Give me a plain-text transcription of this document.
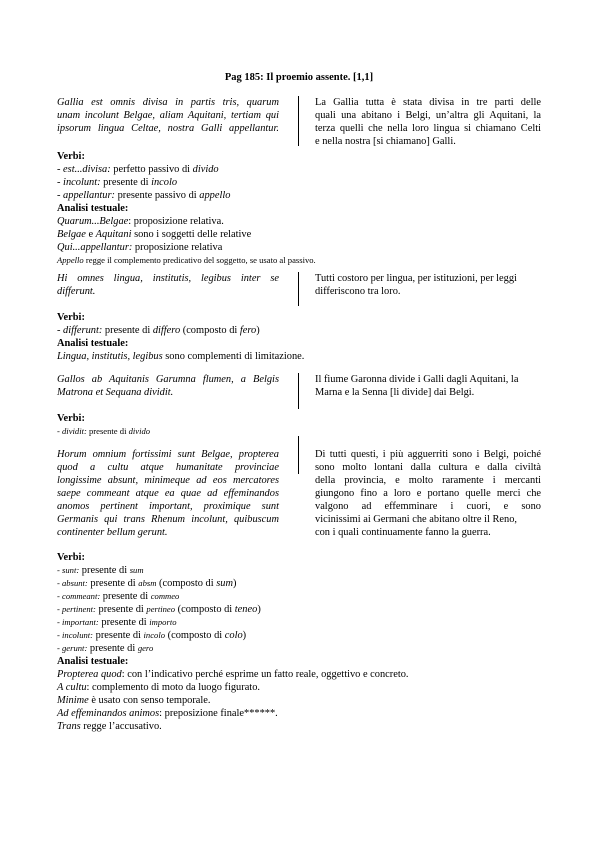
Pag 185: Il proemio assente. [1,1]
Gallia est omnis divisa in partis tris, quarum
unam incolunt Belgae, aliam Aquitani, tertiam qui
ipsorum lingua Celtae, nostra Galli appellantur.
La Gallia tutta è stata divisa in tre parti delle
quali una abitano i Belgi, un’altra gli Aquitani, la
terza quelli che nella loro lingua si chiamano Celti
e nella nostra [si chiamano] Galli.
Verbi:
- est...divisa: perfetto passivo di divido
- incolunt: presente di incolo
- appellantur: presente passivo di appello
Analisi testuale:
Quarum...Belgae: proposizione relativa.
Belgae e Aquitani sono i soggetti delle relative
Qui...appellantur: proposizione relativa
Appello regge il complemento predicativo del soggetto, se usato al passivo.
Hi omnes lingua, institutis, legibus inter se
differunt.
Tutti costoro per lingua, per istituzioni, per leggi
differiscono tra loro.
Verbi:
- differunt: presente di differo (composto di fero)
Analisi testuale:
Lingua, institutis, legibus sono complementi di limitazione.
Gallos ab Aquitanis Garumna flumen, a Belgis
Matrona et Sequana dividit.
Il fiume Garonna divide i Galli dagli Aquitani, la
Marna e la Senna [li divide] dai Belgi.
Verbi:
- dividit: presente di divido
Horum omnium fortissimi sunt Belgae, propterea
quod a cultu atque humanitate provinciae
longissime absunt, minimeque ad eos mercatores
saepe commeant atque ea quae ad effeminandos
anomos pertinent important, proximique sunt
Germanis qui trans Rhenum incolunt, quibuscum
continenter bellum gerunt.
Di tutti questi, i più agguerriti sono i Belgi, poiché
sono molto lontani dalla cultura e dalla civiltà
della provincia, e molto raramente i mercanti
giungono fino a loro e portano quelle merci che
valgono ad effemminare i cuori, e sono
vicinissimi ai Germani che abitano oltre il Reno,
con i quali continuamente fanno la guerra.
Verbi:
- sunt: presente di sum
- absunt: presente di absm (composto di sum)
- commeant: presente di commeo
- pertinent: presente di pertineo (composto di teneo)
- important: presente di importo
- incolunt: presente di incolo (composto di colo)
- gerunt: presente di gero
Analisi testuale:
Propterea quod: con l’indicativo perché esprime un fatto reale, oggettivo e concreto.
A cultu: complemento di moto da luogo figurato.
Minime è usato con senso temporale.
Ad effeminandos animos: preposizione finale******.
Trans regge l’accusativo.
